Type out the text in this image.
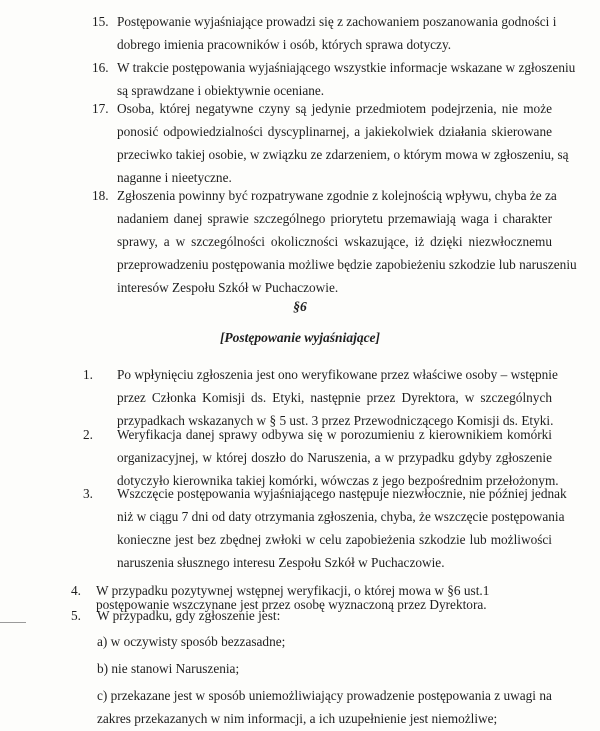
15. Postępowanie wyjaśniające prowadzi się z zachowaniem poszanowania godności i
dobrego imienia pracowników i osób, których sprawa dotyczy.
16. W trakcie postępowania wyjaśniającego wszystkie informacje wskazane w zgłoszeniu
są sprawdzane i obiektywnie oceniane.
17. Osoba, której negatywne czyny są jedynie przedmiotem podejrzenia, nie może
ponosić odpowiedzialności dyscyplinarnej, a jakiekolwiek działania skierowane
przeciwko takiej osobie, w związku ze zdarzeniem, o którym mowa w zgłoszeniu, są
naganne i nieetyczne.
18. Zgłoszenia powinny być rozpatrywane zgodnie z kolejnością wpływu, chyba że za
nadaniem danej sprawie szczególnego priorytetu przemawiają waga i charakter
sprawy, a w szczególności okoliczności wskazujące, iż dzięki niezwłocznemu
przeprowadzeniu postępowania możliwe będzie zapobieżeniu szkodzie lub naruszeniu
interesów Zespołu Szkół w Puchaczowie.
§6
[Postępowanie wyjaśniające]
1. Po wpłynięciu zgłoszenia jest ono weryfikowane przez właściwe osoby – wstępnie
przez Członka Komisji ds. Etyki, następnie przez Dyrektora, w szczególnych
przypadkach wskazanych w § 5 ust. 3 przez Przewodniczącego Komisji ds. Etyki.
2. Weryfikacja danej sprawy odbywa się w porozumieniu z kierownikiem komórki
organizacyjnej, w której doszło do Naruszenia, a w przypadku gdyby zgłoszenie
dotyczyło kierownika takiej komórki, wówczas z jego bezpośrednim przełożonym.
3. Wszczęcie postępowania wyjaśniającego następuje niezwłocznie, nie później jednak
niż w ciągu 7 dni od daty otrzymania zgłoszenia, chyba, że wszczęcie postępowania
konieczne jest bez zbędnej zwłoki w celu zapobieżenia szkodzie lub możliwości
naruszenia słusznego interesu Zespołu Szkół w Puchaczowie.
4. W przypadku pozytywnej wstępnej weryfikacji, o której mowa w §6 ust.1
postępowanie wszczynane jest przez osobę wyznaczoną przez Dyrektora.
5. W przypadku, gdy zgłoszenie jest:
a) w oczywisty sposób bezzasadne;
b) nie stanowi Naruszenia;
c) przekazane jest w sposób uniemożliwiający prowadzenie postępowania z uwagi na
zakres przekazanych w nim informacji, a ich uzupełnienie jest niemożliwe;
